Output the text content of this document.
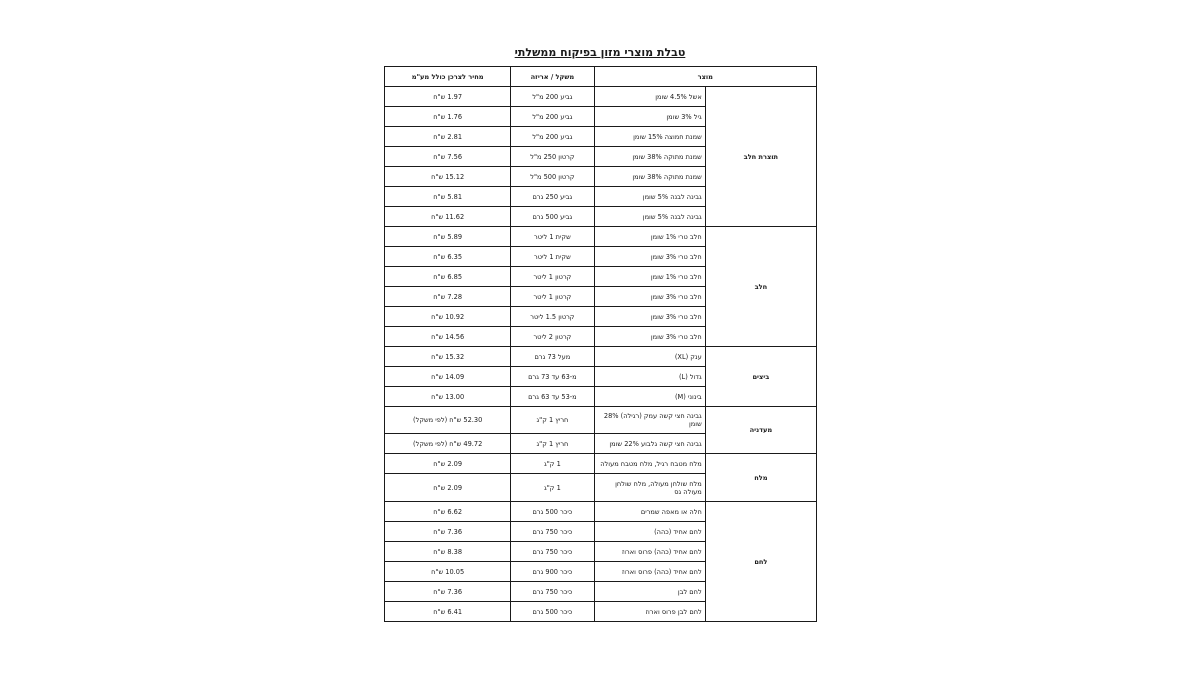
טבלת מוצרי מזון בפיקוח ממשלתי
מוצר		משקל / אריזה	מחיר לצרכן כולל מע"מ
תוצרת חלב	אשל 4.5% שומן	גביע 200 מ"ל	1.97 ש"ח
	גיל 3% שומן	גביע 200 מ"ל	1.76 ש"ח
	שמנת חמוצה 15% שומן	גביע 200 מ"ל	2.81 ש"ח
	שמנת מתוקה 38% שומן	קרטון 250 מ"ל	7.56 ש"ח
	שמנת מתוקה 38% שומן	קרטון 500 מ"ל	15.12 ש"ח
	גבינה לבנה 5% שומן	גביע 250 גרם	5.81 ש"ח
	גבינה לבנה 5% שומן	גביע 500 גרם	11.62 ש"ח
חלב	חלב טרי 1% שומן	שקית 1 ליטר	5.89 ש"ח
	חלב טרי 3% שומן	שקית 1 ליטר	6.35 ש"ח
	חלב טרי 1% שומן	קרטון 1 ליטר	6.85 ש"ח
	חלב טרי 3% שומן	קרטון 1 ליטר	7.28 ש"ח
	חלב טרי 3% שומן	קרטון 1.5 ליטר	10.92 ש"ח
	חלב טרי 3% שומן	קרטון 2 ליטר	14.56 ש"ח
ביצים	ענק (XL)	מעל 73 גרם	15.32 ש"ח
	גדול (L)	מ-63 עד 73 גרם	14.09 ש"ח
	בינוני (M)	מ-53 עד 63 גרם	13.00 ש"ח
מעדניה	גבינה חצי קשה עמק (רגילה) 28% שומן	חריץ 1 ק"ג	52.30 ש"ח (לפי משקל)
	גבינה חצי קשה גלבוע 22% שומן	חריץ 1 ק"ג	49.72 ש"ח (לפי משקל)
מלח	מלח מטבח רגיל, מלח מטבח מעולה	1 ק"ג	2.09 ש"ח
	מלח שולחן מעולה, מלח שולחן מעולה גס	1 ק"ג	2.09 ש"ח
לחם	חלה או מאפה שמרים	כיכר 500 גרם	6.62 ש"ח
	לחם אחיד (כהה)	כיכר 750 גרם	7.36 ש"ח
	לחם אחיד (כהה) פרוס וארוז	כיכר 750 גרם	8.38 ש"ח
	לחם אחיד (כהה) פרוס וארוז	כיכר 900 גרם	10.05 ש"ח
	לחם לבן	כיכר 750 גרם	7.36 ש"ח
	לחם לבן פרוס וארוז	כיכר 500 גרם	6.41 ש"ח
